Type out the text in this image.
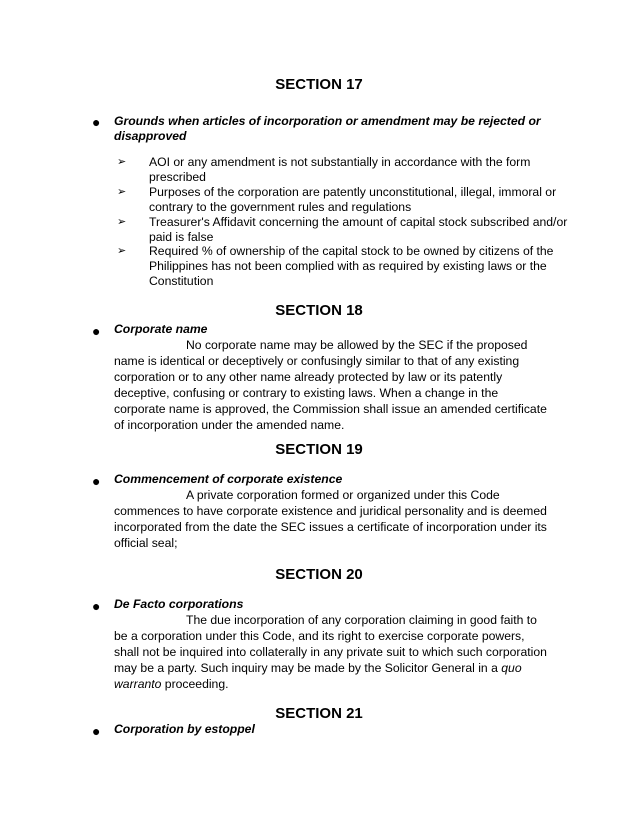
SECTION 17
● Grounds when articles of incorporation or amendment may be rejected or disapproved
➢ AOI or any amendment is not substantially in accordance with the form prescribed
➢ Purposes of the corporation are patently unconstitutional, illegal, immoral or contrary to the government rules and regulations
➢ Treasurer's Affidavit concerning the amount of capital stock subscribed and/or paid is false
➢ Required % of ownership of the capital stock to be owned by citizens of the Philippines has not been complied with as required by existing laws or the Constitution
SECTION 18
● Corporate name
No corporate name may be allowed by the SEC if the proposed
name is identical or deceptively or confusingly similar to that of any existing
corporation or to any other name already protected by law or its patently
deceptive, confusing or contrary to existing laws. When a change in the
corporate name is approved, the Commission shall issue an amended certificate
of incorporation under the amended name.
SECTION 19
● Commencement of corporate existence
A private corporation formed or organized under this Code
commences to have corporate existence and juridical personality and is deemed
incorporated from the date the SEC issues a certificate of incorporation under its
official seal;
SECTION 20
● De Facto corporations
The due incorporation of any corporation claiming in good faith to
be a corporation under this Code, and its right to exercise corporate powers,
shall not be inquired into collaterally in any private suit to which such corporation
may be a party. Such inquiry may be made by the Solicitor General in a quo
warranto proceeding.
SECTION 21
● Corporation by estoppel
